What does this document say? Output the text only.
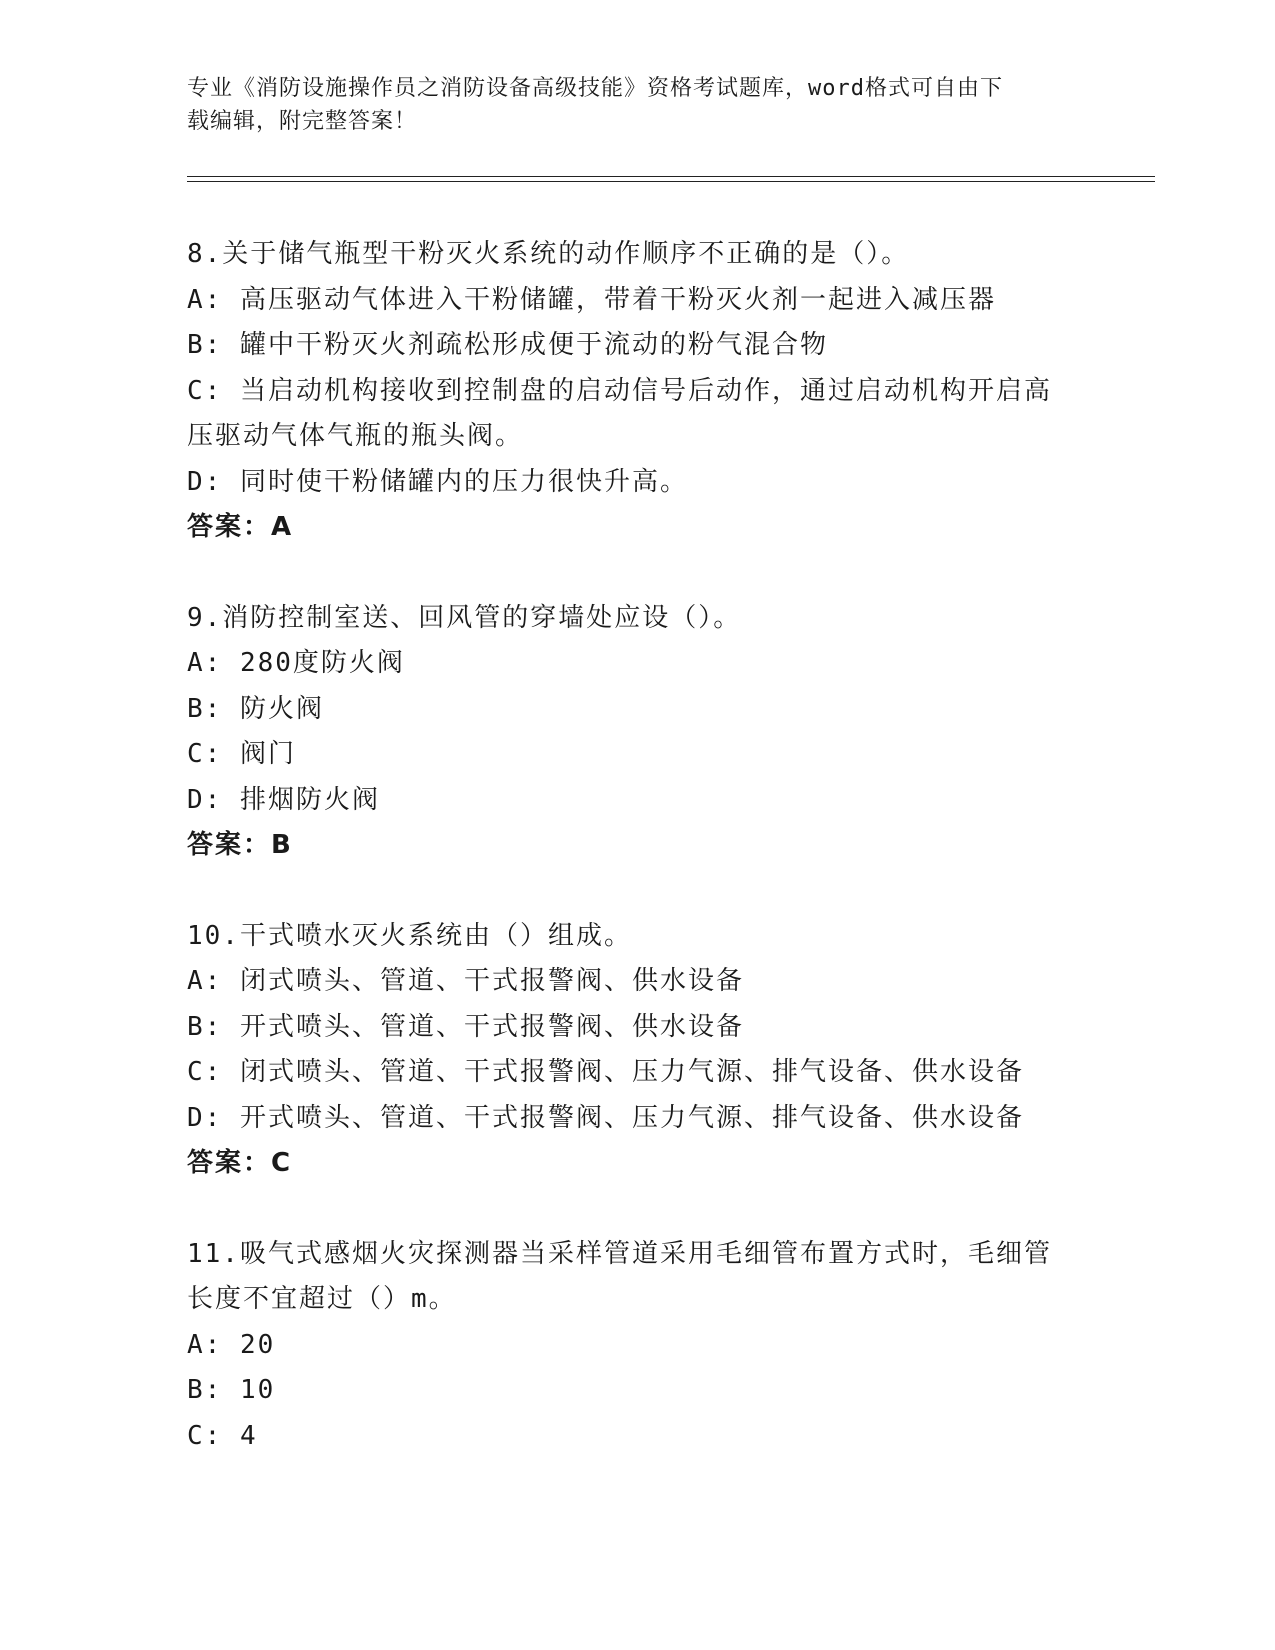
专业《消防设施操作员之消防设备高级技能》资格考试题库，word格式可自由下
载编辑，附完整答案！
8.关于储气瓶型干粉灭火系统的动作顺序不正确的是（）。
A: 高压驱动气体进入干粉储罐，带着干粉灭火剂一起进入减压器
B: 罐中干粉灭火剂疏松形成便于流动的粉气混合物
C: 当启动机构接收到控制盘的启动信号后动作，通过启动机构开启高
压驱动气体气瓶的瓶头阀。
D: 同时使干粉储罐内的压力很快升高。
答案：A
9.消防控制室送、回风管的穿墙处应设（）。
A: 280度防火阀
B: 防火阀
C: 阀门
D: 排烟防火阀
答案：B
10.干式喷水灭火系统由（）组成。
A: 闭式喷头、管道、干式报警阀、供水设备
B: 开式喷头、管道、干式报警阀、供水设备
C: 闭式喷头、管道、干式报警阀、压力气源、排气设备、供水设备
D: 开式喷头、管道、干式报警阀、压力气源、排气设备、供水设备
答案：C
11.吸气式感烟火灾探测器当采样管道采用毛细管布置方式时，毛细管
长度不宜超过（）m。
A: 20
B: 10
C: 4
